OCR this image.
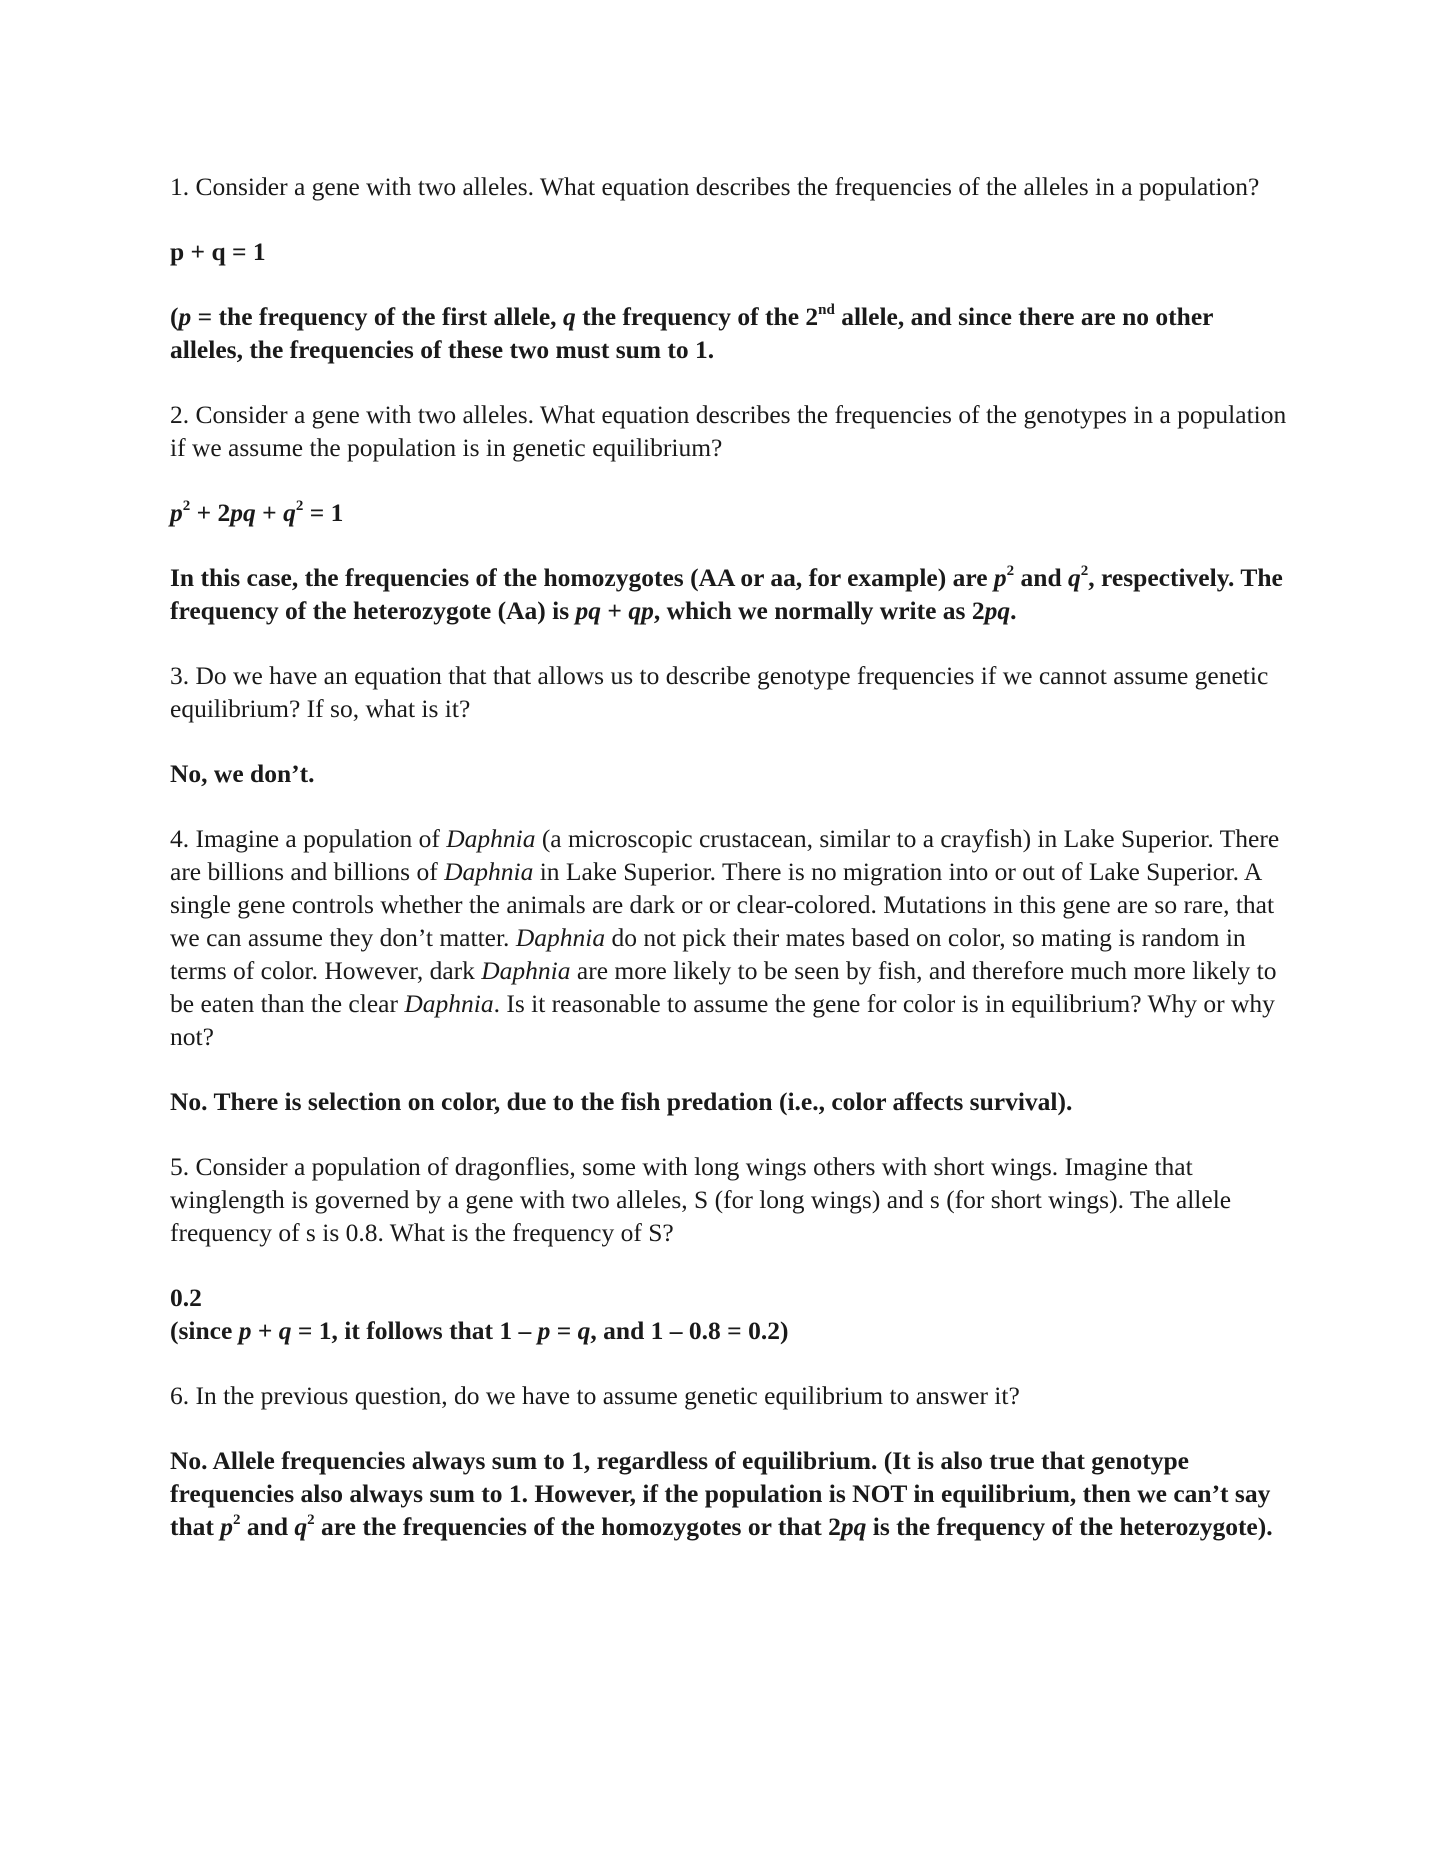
1. Consider a gene with two alleles. What equation describes the frequencies of the alleles in a population?

p + q = 1
(p = the frequency of the first allele, q the frequency of the 2nd allele, and since there are no other alleles, the frequencies of these two must sum to 1.

2. Consider a gene with two alleles. What equation describes the frequencies of the genotypes in a population if we assume the population is in genetic equilibrium?

$p^2 + 2pq + q^2 = 1$
In this case, the frequencies of the homozygotes (AA or aa, for example) are $p^2$ and $q^2$, respectively. The frequency of the heterozygote (Aa) is pq + qp, which we normally write as 2pq.

3. Do we have an equation that that allows us to describe genotype frequencies if we cannot assume genetic equilibrium? If so, what is it?

No, we don’t.

4. Imagine a population of Daphnia (a microscopic crustacean, similar to a crayfish) in Lake Superior. There are billions and billions of Daphnia in Lake Superior. There is no migration into or out of Lake Superior. A single gene controls whether the animals are dark or or clear-colored. Mutations in this gene are so rare, that we can assume they don’t matter. Daphnia do not pick their mates based on color, so mating is random in terms of color. However, dark Daphnia are more likely to be seen by fish, and therefore much more likely to be eaten than the clear Daphnia. Is it reasonable to assume the gene for color is in equilibrium? Why or why not?

No. There is selection on color, due to the fish predation (i.e., color affects survival).

5. Consider a population of dragonflies, some with long wings others with short wings. Imagine that winglength is governed by a gene with two alleles, S (for long wings) and s (for short wings). The allele frequency of s is 0.8. What is the frequency of S?

0.2

(since p + q = 1, it follows that 1 – p = q, and 1 – 0.8 = 0.2)

6. In the previous question, do we have to assume genetic equilibrium to answer it?

No. Allele frequencies always sum to 1, regardless of equilibrium. (It is also true that genotype frequencies also always sum to 1. However, if the population is NOT in equilibrium, then we can’t say that $p^2$ and $q^2$ are the frequencies of the homozygotes or that 2pq is the frequency of the heterozygote).
